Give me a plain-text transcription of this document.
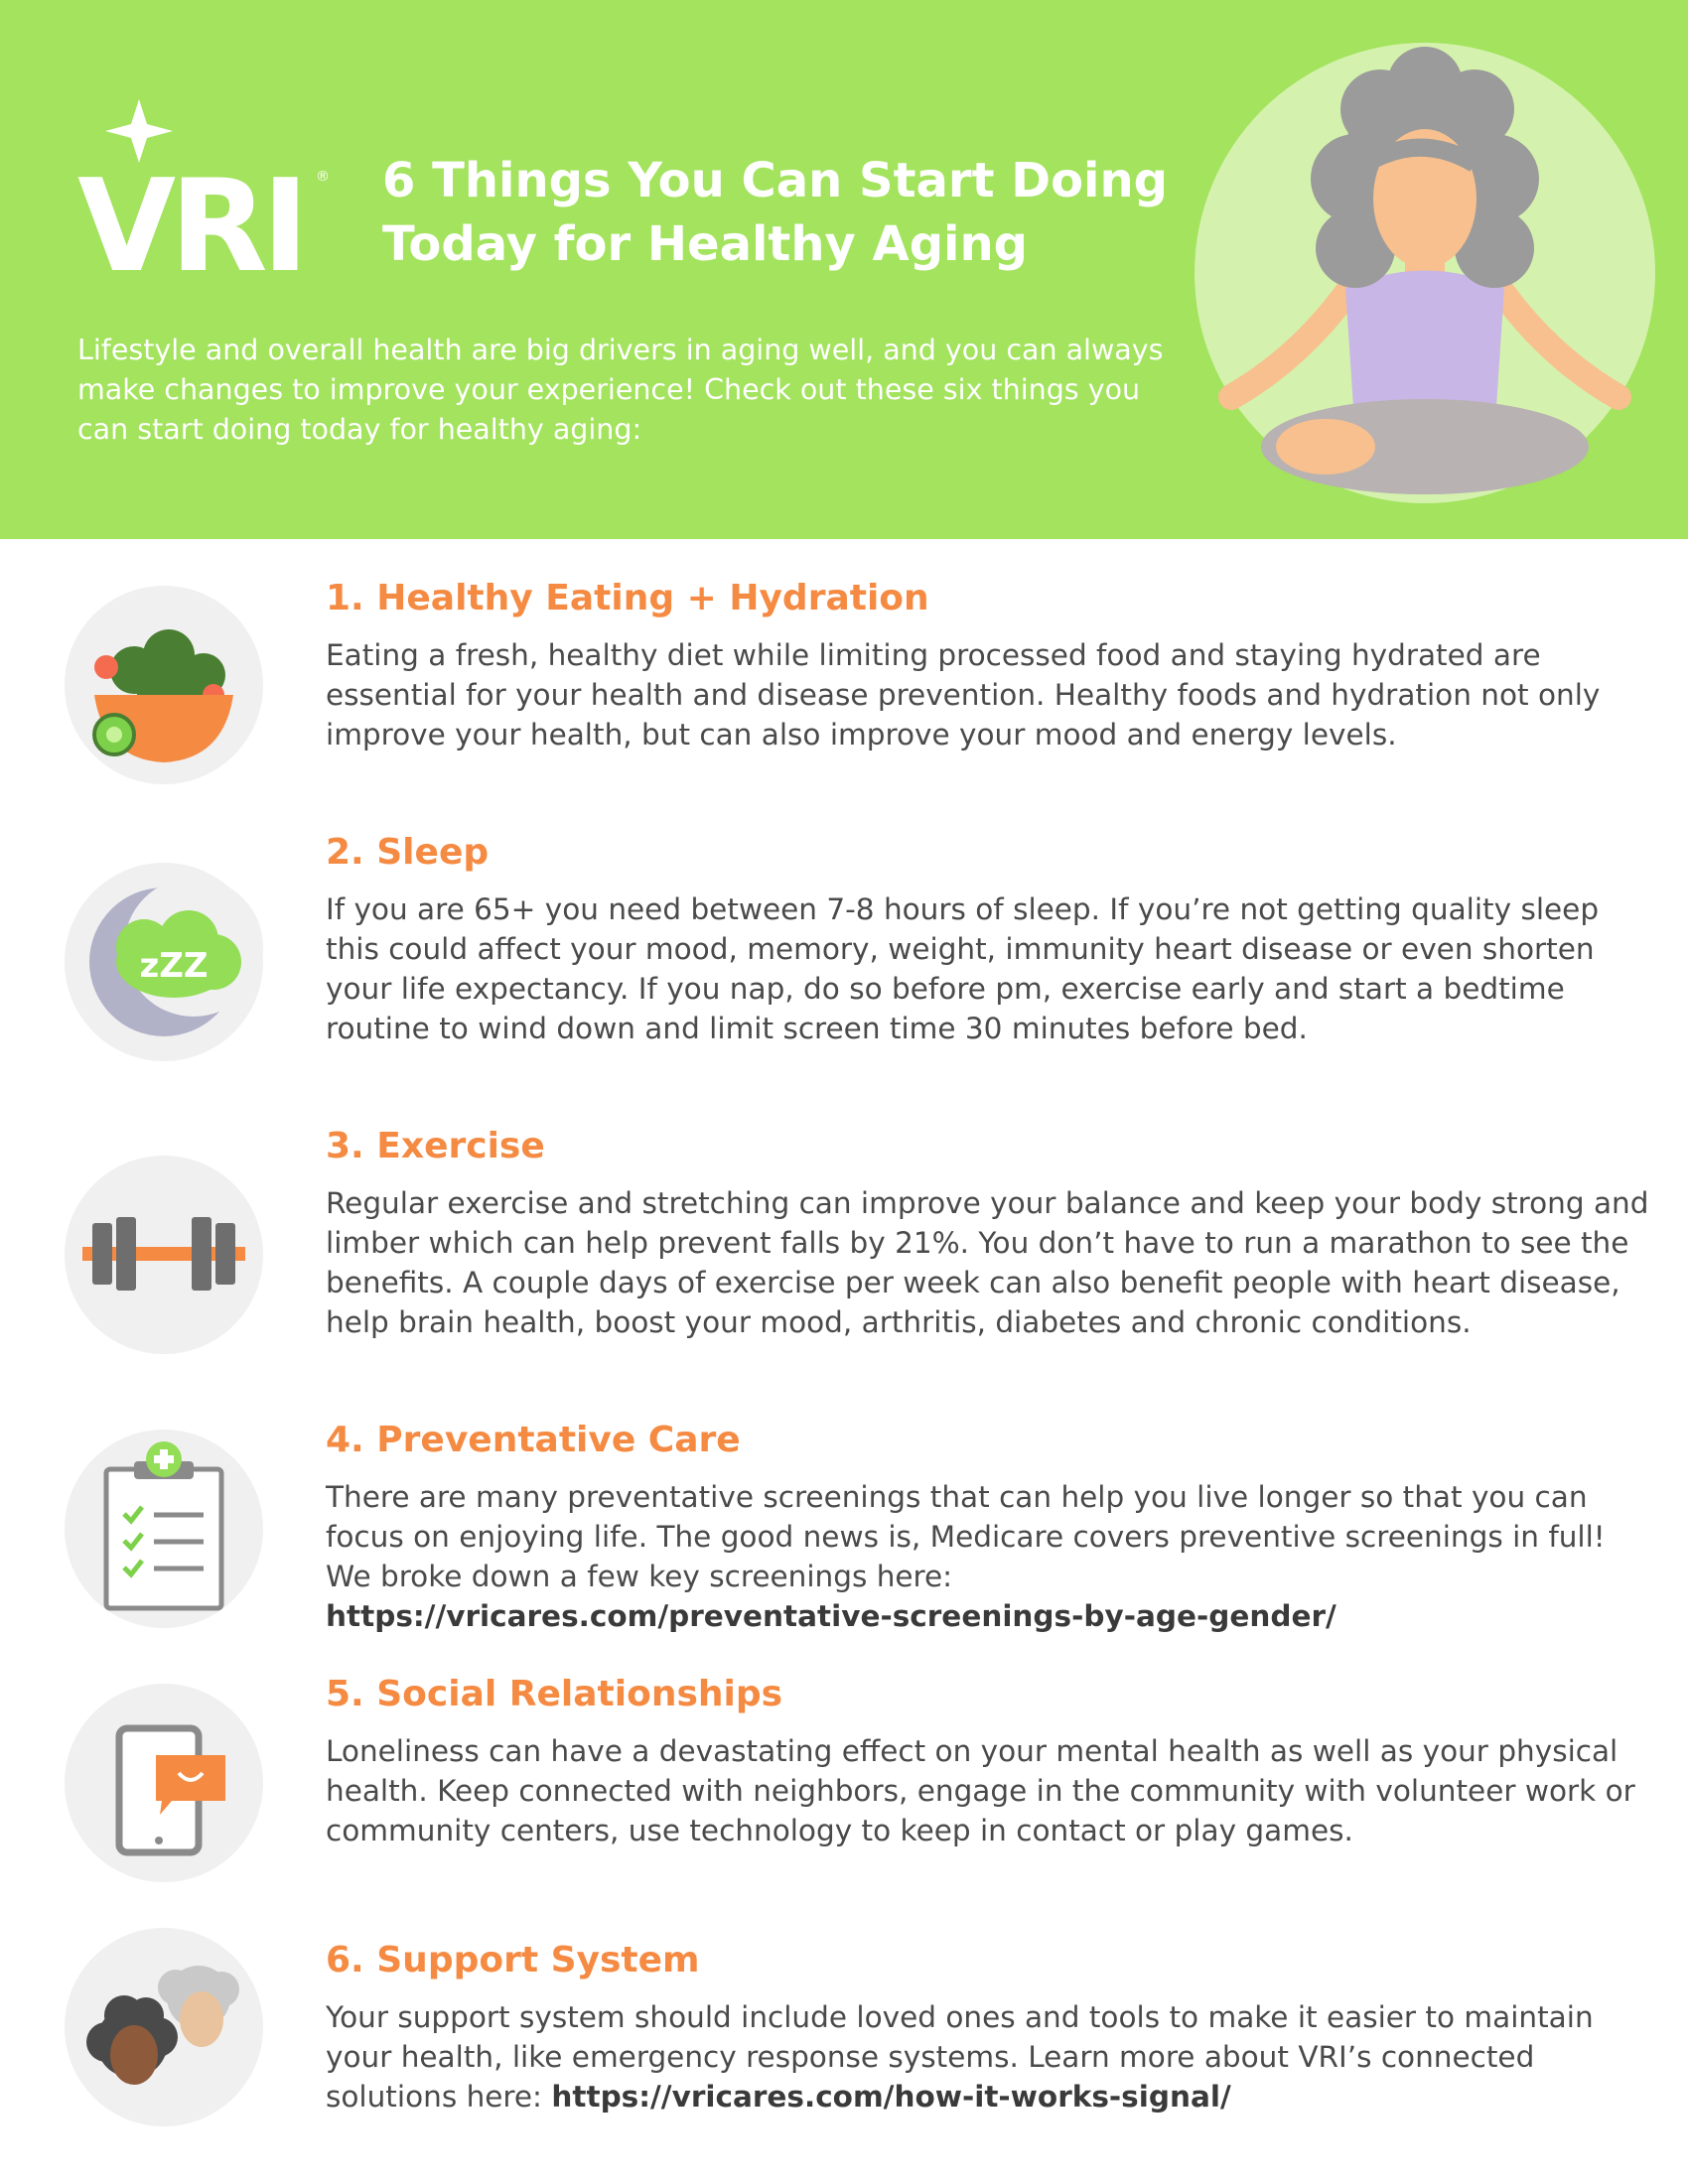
VRI ® 6 Things You Can Start Doing
Today for Healthy Aging

Lifestyle and overall health are big drivers in aging well, and you can always make changes to improve your experience! Check out these six things you can start doing today for healthy aging:

1. Healthy Eating + Hydration

Eating a fresh, healthy diet while limiting processed food and staying hydrated are essential for your health and disease prevention. Healthy foods and hydration not only improve your health, but can also improve your mood and energy levels.

zZZ
2. Sleep

If you are 65+ you need between 7-8 hours of sleep. If you’re not getting quality sleep this could affect your mood, memory, weight, immunity heart disease or even shorten your life expectancy. If you nap, do so before pm, exercise early and start a bedtime routine to wind down and limit screen time 30 minutes before bed.

3. Exercise

Regular exercise and stretching can improve your balance and keep your body strong and limber which can help prevent falls by 21%. You don’t have to run a marathon to see the benefits. A couple days of exercise per week can also benefit people with heart disease, help brain health, boost your mood, arthritis, diabetes and chronic conditions.

4. Preventative Care

There are many preventative screenings that can help you live longer so that you can focus on enjoying life. The good news is, Medicare covers preventive screenings in full! We broke down a few key screenings here:
https://vricares.com/preventative-screenings-by-age-gender/

5. Social Relationships

Loneliness can have a devastating effect on your mental health as well as your physical health. Keep connected with neighbors, engage in the community with volunteer work or community centers, use technology to keep in contact or play games.

6. Support System

Your support system should include loved ones and tools to make it easier to maintain your health, like emergency response systems. Learn more about VRI’s connected solutions here: https://vricares.com/how-it-works-signal/
